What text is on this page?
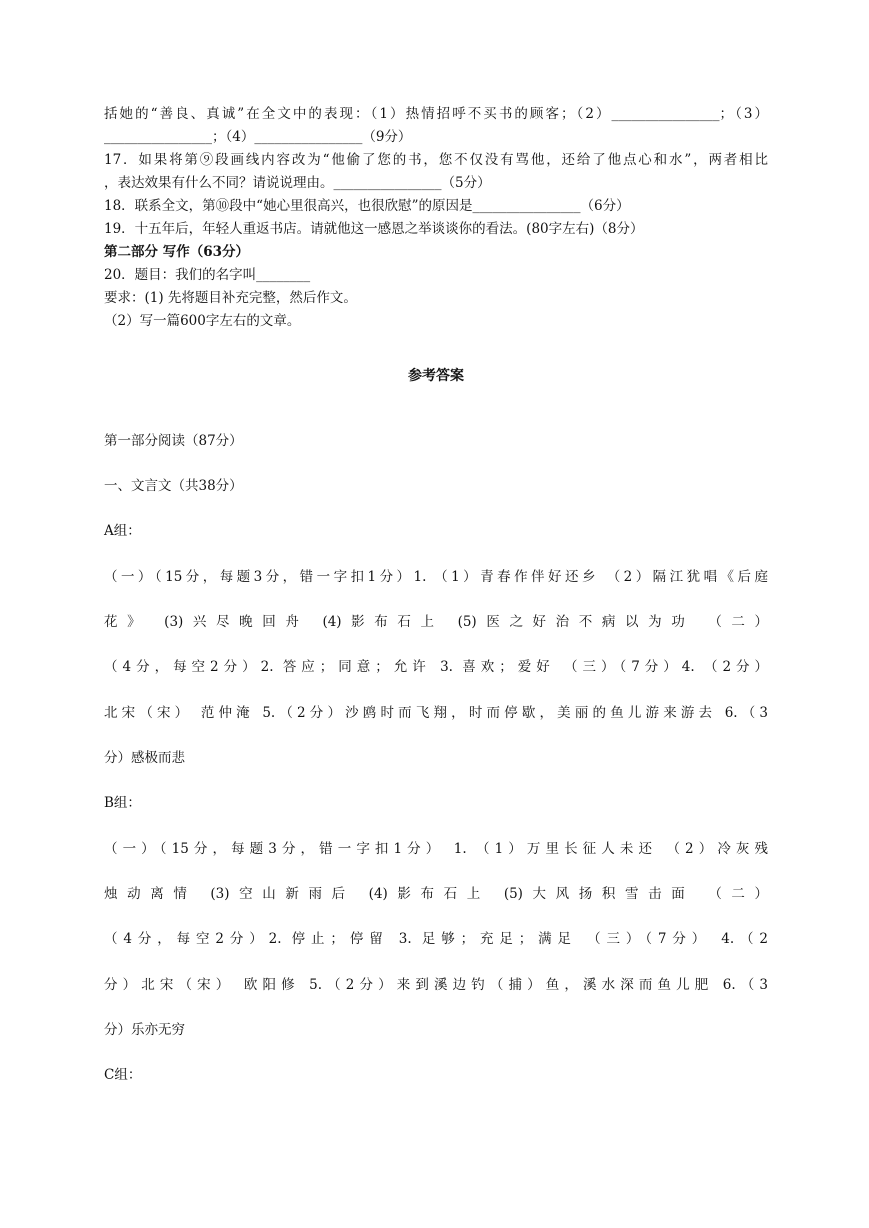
括她的“善良、真诚”在全文中的表现：（1）热情招呼不买书的顾客；（2）________________；（3）
________________；（4）________________（9分）
17．如果将第⑨段画线内容改为“他偷了您的书，您不仅没有骂他，还给了他点心和水”，两者相比
，表达效果有什么不同？请说说理由。________________（5分）
18．联系全文，第⑩段中“她心里很高兴，也很欣慰”的原因是________________（6分）
19．十五年后，年轻人重返书店。请就他这一感恩之举谈谈你的看法。(80字左右)（8分）
第二部分 写作（63分）
20．题目：我们的名字叫________
要求：(1) 先将题目补充完整，然后作文。
（2）写一篇600字左右的文章。
参考答案
第一部分阅读（87分）
一、文言文（共38分）
A组：
（一）（15分，每题3分，错一字扣1分）1. （1）青春作伴好还乡 （2）隔江犹唱《后庭
花》 (3)兴尽晚回舟 (4)影布石上 (5)医之好治不病以为功 （二）
（4分，每空2分）2. 答应；同意；允许 3. 喜欢；爱好 （三）（7分）4. （2分）
北宋（宋） 范仲淹 5.（2分）沙鸥时而飞翔，时而停歇，美丽的鱼儿游来游去 6.（3
分）感极而悲
B组：
（一）（15分，每题3分，错一字扣1分） 1. （1）万里长征人未还 （2）冷灰残
烛动离情 (3)空山新雨后 (4)影布石上 (5)大风扬积雪击面 （二）
（4分，每空2分）2. 停止；停留 3. 足够；充足；满足 （三）（7分） 4.（2
分）北宋（宋） 欧阳修 5.（2分）来到溪边钓（捕）鱼，溪水深而鱼儿肥 6.（3
分）乐亦无穷
C组：
